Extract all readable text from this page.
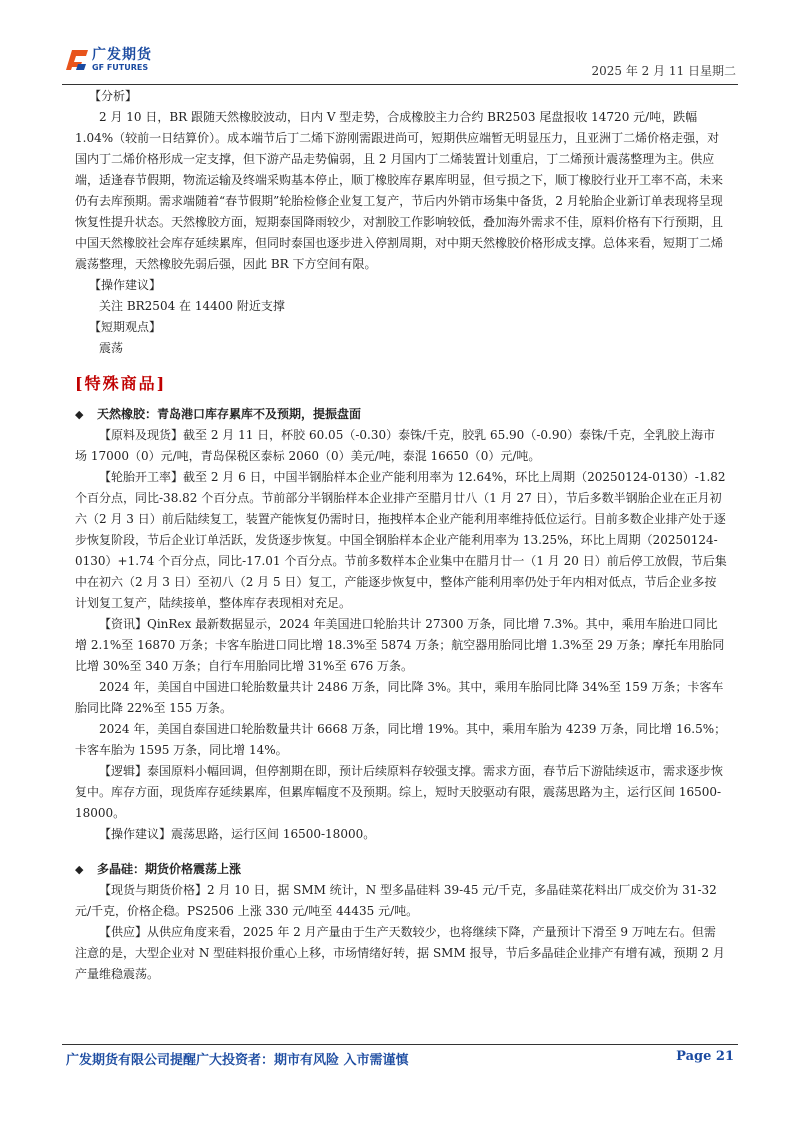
广发期货
GF FUTURES	2025 年 2 月 11 日星期二

【分析】

2 月 10 日，BR 跟随天然橡胶波动，日内 V 型走势，合成橡胶主力合约 BR2503 尾盘报收 14720 元/吨，跌幅 1.04%（较前一日结算价）。成本端节后丁二烯下游刚需跟进尚可，短期供应端暂无明显压力，且亚洲丁二烯价格走强，对国内丁二烯价格形成一定支撑，但下游产品走势偏弱，且 2 月国内丁二烯装置计划重启，丁二烯预计震荡整理为主。供应端，适逢春节假期，物流运输及终端采购基本停止，顺丁橡胶库存累库明显，但亏损之下，顺丁橡胶行业开工率不高，未来仍有去库预期。需求端随着“春节假期”轮胎检修企业复工复产，节后内外销市场集中备货，2 月轮胎企业新订单表现将呈现恢复性提升状态。天然橡胶方面，短期泰国降雨较少，对割胶工作影响较低，叠加海外需求不佳，原料价格有下行预期，且中国天然橡胶社会库存延续累库，但同时泰国也逐步进入停割周期，对中期天然橡胶价格形成支撑。总体来看，短期丁二烯震荡整理，天然橡胶先弱后强，因此 BR 下方空间有限。

【操作建议】

关注 BR2504 在 14400 附近支撑

【短期观点】

震荡

[特殊商品]

◆ 天然橡胶：青岛港口库存累库不及预期，提振盘面

【原料及现货】截至 2 月 11 日，杯胶 60.05（-0.30）泰铢/千克，胶乳 65.90（-0.90）泰铢/千克，全乳胶上海市场 17000（0）元/吨，青岛保税区泰标 2060（0）美元/吨，泰混 16650（0）元/吨。

【轮胎开工率】截至 2 月 6 日，中国半钢胎样本企业产能利用率为 12.64%，环比上周期（20250124-0130）-1.82 个百分点，同比-38.82 个百分点。节前部分半钢胎样本企业排产至腊月廿八（1 月 27 日），节后多数半钢胎企业在正月初六（2 月 3 日）前后陆续复工，装置产能恢复仍需时日，拖拽样本企业产能利用率维持低位运行。目前多数企业排产处于逐步恢复阶段，节后企业订单活跃，发货逐步恢复。中国全钢胎样本企业产能利用率为 13.25%，环比上周期（20250124-0130）+1.74 个百分点，同比-17.01 个百分点。节前多数样本企业集中在腊月廿一（1 月 20 日）前后停工放假，节后集中在初六（2 月 3 日）至初八（2 月 5 日）复工，产能逐步恢复中，整体产能利用率仍处于年内相对低点，节后企业多按计划复工复产，陆续接单，整体库存表现相对充足。

【资讯】QinRex 最新数据显示，2024 年美国进口轮胎共计 27300 万条，同比增 7.3%。其中，乘用车胎进口同比增 2.1%至 16870 万条；卡客车胎进口同比增 18.3%至 5874 万条；航空器用胎同比增 1.3%至 29 万条；摩托车用胎同比增 30%至 340 万条；自行车用胎同比增 31%至 676 万条。

2024 年，美国自中国进口轮胎数量共计 2486 万条，同比降 3%。其中，乘用车胎同比降 34%至 159 万条；卡客车胎同比降 22%至 155 万条。

2024 年，美国自泰国进口轮胎数量共计 6668 万条，同比增 19%。其中，乘用车胎为 4239 万条，同比增 16.5%；卡客车胎为 1595 万条，同比增 14%。

【逻辑】泰国原料小幅回调，但停割期在即，预计后续原料存较强支撑。需求方面，春节后下游陆续返市，需求逐步恢复中。库存方面，现货库存延续累库，但累库幅度不及预期。综上，短时天胶驱动有限，震荡思路为主，运行区间 16500-18000。

【操作建议】震荡思路，运行区间 16500-18000。

◆ 多晶硅：期货价格震荡上涨

【现货与期货价格】2 月 10 日，据 SMM 统计，N 型多晶硅料 39-45 元/千克，多晶硅菜花料出厂成交价为 31-32 元/千克，价格企稳。PS2506 上涨 330 元/吨至 44435 元/吨。

【供应】从供应角度来看，2025 年 2 月产量由于生产天数较少，也将继续下降，产量预计下滑至 9 万吨左右。但需注意的是，大型企业对 N 型硅料报价重心上移，市场情绪好转，据 SMM 报导，节后多晶硅企业排产有增有减，预期 2 月产量维稳震荡。

广发期货有限公司提醒广大投资者：期市有风险 入市需谨慎	Page 21
